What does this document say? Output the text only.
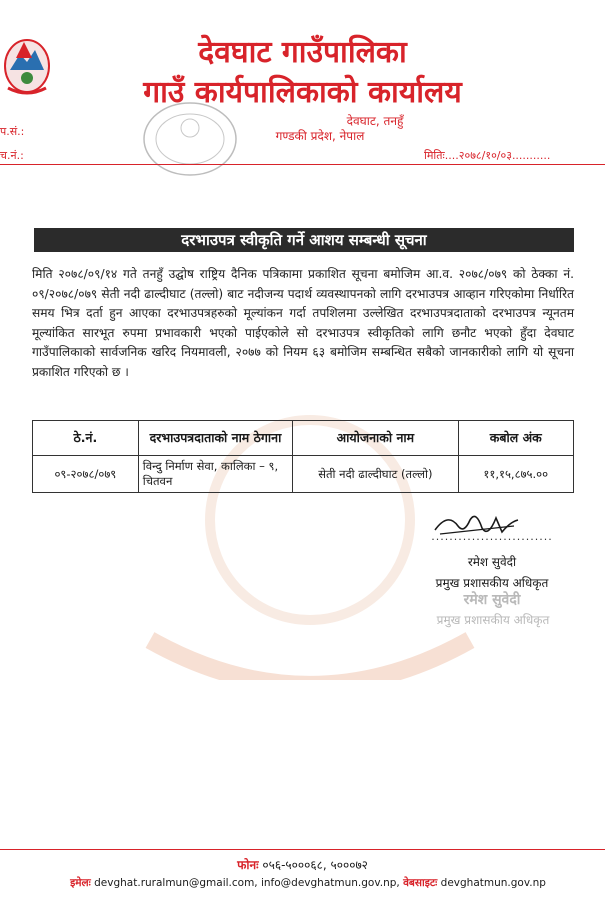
देवघाट गाउँपालिका
गाउँ कार्यपालिकाको कार्यालय
देवघाट, तनहुँ
गण्डकी प्रदेश, नेपाल
प.सं.:
च.नं.:	मितिः....२०७८/१०/०३...........
दरभाउपत्र स्वीकृति गर्ने आशय सम्बन्धी सूचना
मिति २०७८/०९/१४ गते तनहुँ उद्घोष राष्ट्रिय दैनिक पत्रिकामा प्रकाशित सूचना बमोजिम आ.व. २०७८/०७९ को ठेक्का नं. ०९/२०७८/०७९ सेती नदी ढाल्दीघाट (तल्लो) बाट नदीजन्य पदार्थ व्यवस्थापनको लागि दरभाउपत्र आव्हान गरिएकोमा निर्धारित समय भित्र दर्ता हुन आएका दरभाउपत्रहरुको मूल्यांकन गर्दा तपशिलमा उल्लेखित दरभाउपत्रदाताको दरभाउपत्र न्यूनतम मूल्यांकित सारभूत रुपमा प्रभावकारी भएको पाईएकोले सो दरभाउपत्र स्वीकृतिको लागि छनौट भएको हुँदा देवघाट गाउँपालिकाको सार्वजनिक खरिद नियमावली, २०७७ को नियम ६३ बमोजिम सम्बन्धित सबैको जानकारीको लागि यो सूचना प्रकाशित गरिएको छ ।
ठे.नं.	दरभाउपत्रदाताको नाम ठेगाना	आयोजनाको नाम	कबोल अंक
०९-२०७८/०७९	विन्दु निर्माण सेवा, कालिका – ९, चितवन	सेती नदी ढाल्दीघाट (तल्लो)	११,१५,८७५.००
...........................
रमेश सुवेदी
प्रमुख प्रशासकीय अधिकृत
रमेश सुवेदी
प्रमुख प्रशासकीय अधिकृत
फोनः ०५६-५०००६८, ५०००७२
इमेलः devghat.ruralmun@gmail.com, info@devghatmun.gov.np, वेबसाइटः devghatmun.gov.np
